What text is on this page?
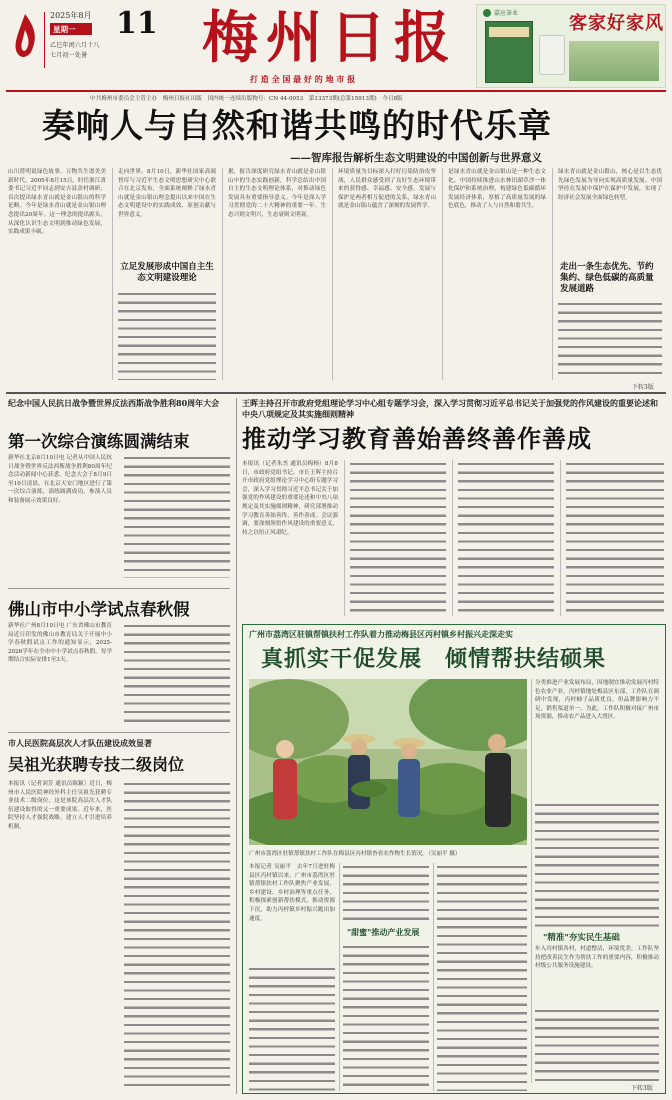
2025年8月 11
星期一
乙巳年闰六月十八
七月初一处暑 梅州日报
打 造 全 国 最 好 的 地 市 报
嘉应茶业	客家好家风
中共梅州市委员会主管主办　梅州日报社出版　国内统一连续出版物号：CN 44-0053　第13373期(总第15913期)　今日8版
奏响人与自然和谐共鸣的时代乐章
——智库报告解析生态文明建设的中国创新与世界意义
山川澄明说绿色故事，万物共生谱美美新时代。2005年8月15日，时任浙江省委书记习近平同志到安吉县余村调研，首次提出绿水青山就是金山银山的科学论断。今年是绿水青山就是金山银山理念提出20周年。这一理念的提出源头，从深化认识生态文明到推动绿色发展，实践成果丰硕。
走向世界。8月10日，新华社国家高端智库与习近平生态文明思想研究中心联合在北京发布，全面系统阐释了绿水青山就是金山银山理念提出以来中国在生态文明建设中的实践成效、原创贡献与世界意义。
立足发展形成中国自主生态文明建设理论
据，报告深度研究绿水青山就是金山银山中的生态实践创新，科学总结出中国自主的生态文明理论体系，对推动绿色发展具有重要指导意义。今年是深入学习贯彻党的二十大精神的重要一年。生态兴则文明兴，生态衰则文明衰。
环境质量为目标深入打好污染防治攻坚战，人民群众感受到了良好生态环境带来的获得感、幸福感、安全感。发展与保护是两者相互促进的关系，绿水青山就是金山银山蕴含了深刻的发展哲学。
是绿水青山就是金山银山是一种生态文化。中国持续推进山水林田湖草沙一体化保护和系统治理，构建绿色低碳循环发展经济体系，厚植了高质量发展的绿色底色，推动了人与自然和谐共生。
绿水青山就是金山银山，核心是以生态优先绿色发展为导向实现高质量发展。中国坚持在发展中保护在保护中发展，实现了经济社会发展全面绿色转型。
走出一条生态优先、节约集约、绿色低碳的高质量发展道路
下转3版
纪念中国人民抗日战争暨世界反法西斯战争胜利80周年大会
第一次综合演练圆满结束
新华社北京8月10日电 记者从中国人民抗日战争暨世界反法西斯战争胜利80周年纪念活动新闻中心获悉，纪念大会于8月9日至10日凌晨，在北京天安门地区进行了第一次综合演练，演练圆满成功。参演人员和装备展示效果良好。
佛山市中小学试点春秋假
新华社广州8月10日电 广东省佛山市教育局近日印发的佛山市教育局关于开展中小学春秋假试点工作的通知显示，2025-2026学年在全市中小学试点春秋假，每学期结合实际安排1至3天。
市人民医院高层次人才队伍建设成效显著
吴祖光获聘专技二级岗位
本报讯（记者刘芳 通讯员陈颖）近日，梅州市人民医院神经外科主任吴祖光获聘专业技术二级岗位，这是该院高层次人才队伍建设取得的又一重要成果。近年来，医院坚持人才强院战略，建立人才引进培养机制。
王晖主持召开市政府党组理论学习中心组专题学习会，深入学习贯彻习近平总书记关于加强党的作风建设的重要论述和中央八项规定及其实施细则精神
推动学习教育善始善终善作善成
本报讯（记者朱杰 通讯员梅杨）8月8日，市政府党组书记、市长王晖主持召开市政府党组理论学习中心组专题学习会，深入学习贯彻习近平总书记关于加强党的作风建设的重要论述和中央八项规定及其实施细则精神，研究部署推动学习教育善始善终、善作善成。会议强调，要深刻领悟作风建设的重要意义，持之以恒正风肃纪。
广州市荔湾区驻镇帮镇扶村工作队着力推动梅县区丙村镇乡村振兴走深走实
真抓实干促发展　倾情帮扶结硕果
广州市荔湾区驻镇帮镇扶村工作队在梅县区丙村镇查看农作物生长情况。（吴丽平 摄）
分类推进产业发展布局，因地制宜推动发展丙村特色农业产业。丙村镇地处梅县区东部，工作队在调研中发现，丙村柚子品质优良，但品牌影响力不足，销售渠道单一。为此，工作队积极对接广州市场资源，推动农产品进入大湾区。
"精准"夯实民生基础
步入丙村镇各村，村道整洁，环境优美。工作队坚持把改善民生作为帮扶工作的重要内容，积极推动村级公共服务设施建设。
下转3版
本报记者 吴丽平　去年7月进驻梅县区丙村镇以来，广州市荔湾区驻镇帮镇扶村工作队聚焦产业发展、乡村建设、乡村治理等重点任务，积极探索创新帮扶模式，推动资源下沉，助力丙村镇乡村振兴跑出加速度。
"甜蜜"推动产业发展
